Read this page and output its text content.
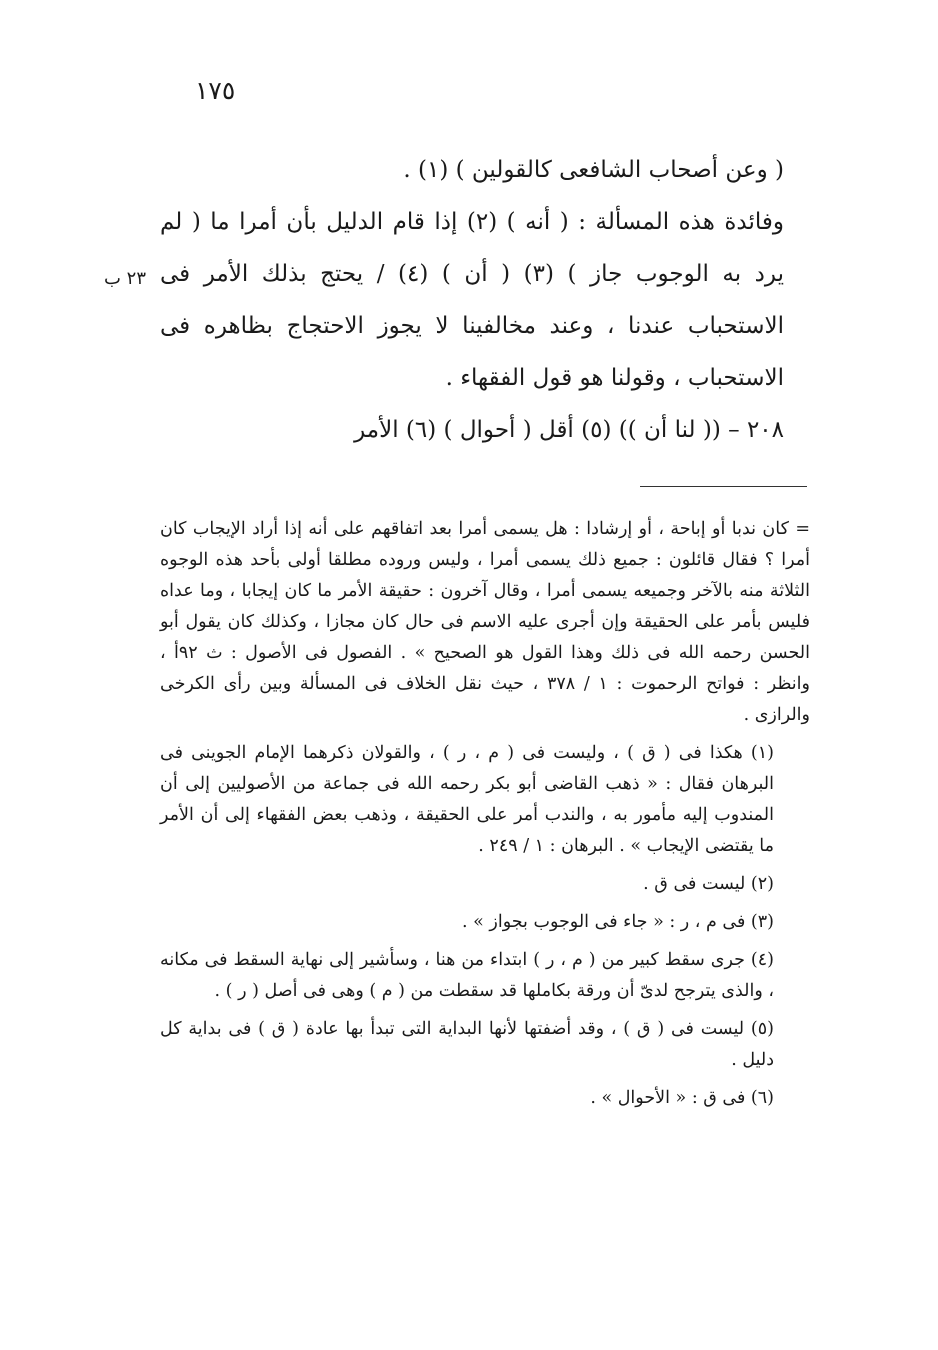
١٧٥
٢٣ ب

( وعن أصحاب الشافعى كالقولين ) (١) .

وفائدة هذه المسألة : ( أنه ) (٢) إذا قام الدليل بأن أمرا ما ( لم يرد به الوجوب جاز ) (٣) ( أن ) (٤) / يحتج بذلك الأمر فى الاستحباب عندنا ، وعند مخالفينا لا يجوز الاحتجاج بظاهره فى الاستحباب ، وقولنا هو قول الفقهاء .

٢٠٨ – (( لنا أن )) (٥) أقل ( أحوال ) (٦) الأمر

= كان ندبا أو إباحة ، أو إرشادا : هل يسمى أمرا بعد اتفاقهم على أنه إذا أراد الإيجاب كان أمرا ؟ فقال قائلون : جميع ذلك يسمى أمرا ، وليس وروده مطلقا أولى بأحد هذه الوجوه الثلاثة منه بالآخر وجميعه يسمى أمرا ، وقال آخرون : حقيقة الأمر ما كان إيجابا ، وما عداه فليس بأمر على الحقيقة وإن أجرى عليه الاسم فى حال كان مجازا ، وكذلك كان يقول أبو الحسن رحمه الله فى ذلك وهذا القول هو الصحيح » . الفصول فى الأصول : ث ٩٢أ ، وانظر : فواتح الرحموت : ١ / ٣٧٨ ، حيث نقل الخلاف فى المسألة وبين رأى الكرخى والرازى .

(١) هكذا فى ( ق ) ، وليست فى ( م ، ر ) ، والقولان ذكرهما الإمام الجوينى فى البرهان فقال : « ذهب القاضى أبو بكر رحمه الله فى جماعة من الأصوليين إلى أن المندوب إليه مأمور به ، والندب أمر على الحقيقة ، وذهب بعض الفقهاء إلى أن الأمر ما يقتضى الإيجاب » . البرهان : ١ / ٢٤٩ .

(٢) ليست فى ق .

(٣) فى م ، ر : « جاء فى الوجوب بجواز » .

(٤) جرى سقط كبير من ( م ، ر ) ابتداء من هنا ، وسأشير إلى نهاية السقط فى مكانه ، والذى يترجح لدىّ أن ورقة بكاملها قد سقطت من ( م ) وهى فى أصل ( ر ) .

(٥) ليست فى ( ق ) ، وقد أضفتها لأنها البداية التى تبدأ بها عادة ( ق ) فى بداية كل دليل .

(٦) فى ق : « الأحوال » .
